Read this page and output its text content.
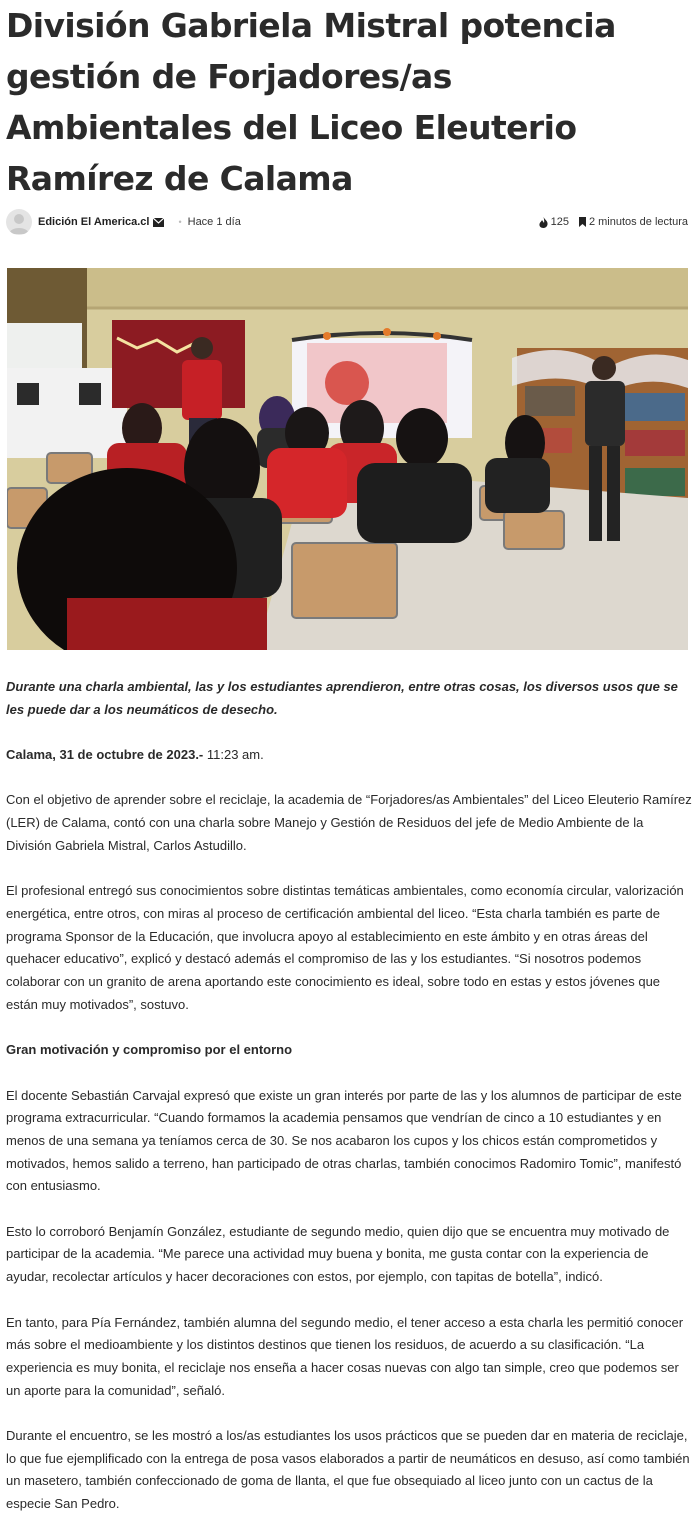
División Gabriela Mistral potencia gestión de Forjadores/as Ambientales del Liceo Eleuterio Ramírez de Calama
Edición El America.cl	• Hace 1 día	125 2 minutos de lectura

Durante una charla ambiental, las y los estudiantes aprendieron, entre otras cosas, los diversos usos que se les puede dar a los neumáticos de desecho.

Calama, 31 de octubre de 2023.- 11:23 am.

Con el objetivo de aprender sobre el reciclaje, la academia de “Forjadores/as Ambientales” del Liceo Eleuterio Ramírez (LER) de Calama, contó con una charla sobre Manejo y Gestión de Residuos del jefe de Medio Ambiente de la División Gabriela Mistral, Carlos Astudillo.

El profesional entregó sus conocimientos sobre distintas temáticas ambientales, como economía circular, valorización energética, entre otros, con miras al proceso de certificación ambiental del liceo. “Esta charla también es parte de programa Sponsor de la Educación, que involucra apoyo al establecimiento en este ámbito y en otras áreas del quehacer educativo”, explicó y destacó además el compromiso de las y los estudiantes. “Si nosotros podemos colaborar con un granito de arena aportando este conocimiento es ideal, sobre todo en estas y estos jóvenes que están muy motivados”, sostuvo.

Gran motivación y compromiso por el entorno

El docente Sebastián Carvajal expresó que existe un gran interés por parte de las y los alumnos de participar de este programa extracurricular. “Cuando formamos la academia pensamos que vendrían de cinco a 10 estudiantes y en menos de una semana ya teníamos cerca de 30. Se nos acabaron los cupos y los chicos están comprometidos y motivados, hemos salido a terreno, han participado de otras charlas, también conocimos Radomiro Tomic”, manifestó con entusiasmo.

Esto lo corroboró Benjamín González, estudiante de segundo medio, quien dijo que se encuentra muy motivado de participar de la academia. “Me parece una actividad muy buena y bonita, me gusta contar con la experiencia de ayudar, recolectar artículos y hacer decoraciones con estos, por ejemplo, con tapitas de botella”, indicó.

En tanto, para Pía Fernández, también alumna del segundo medio, el tener acceso a esta charla les permitió conocer más sobre el medioambiente y los distintos destinos que tienen los residuos, de acuerdo a su clasificación. “La experiencia es muy bonita, el reciclaje nos enseña a hacer cosas nuevas con algo tan simple, creo que podemos ser un aporte para la comunidad”, señaló.

Durante el encuentro, se les mostró a los/as estudiantes los usos prácticos que se pueden dar en materia de reciclaje, lo que fue ejemplificado con la entrega de posa vasos elaborados a partir de neumáticos en desuso, así como también un masetero, también confeccionado de goma de llanta, el que fue obsequiado al liceo junto con un cactus de la especie San Pedro.
